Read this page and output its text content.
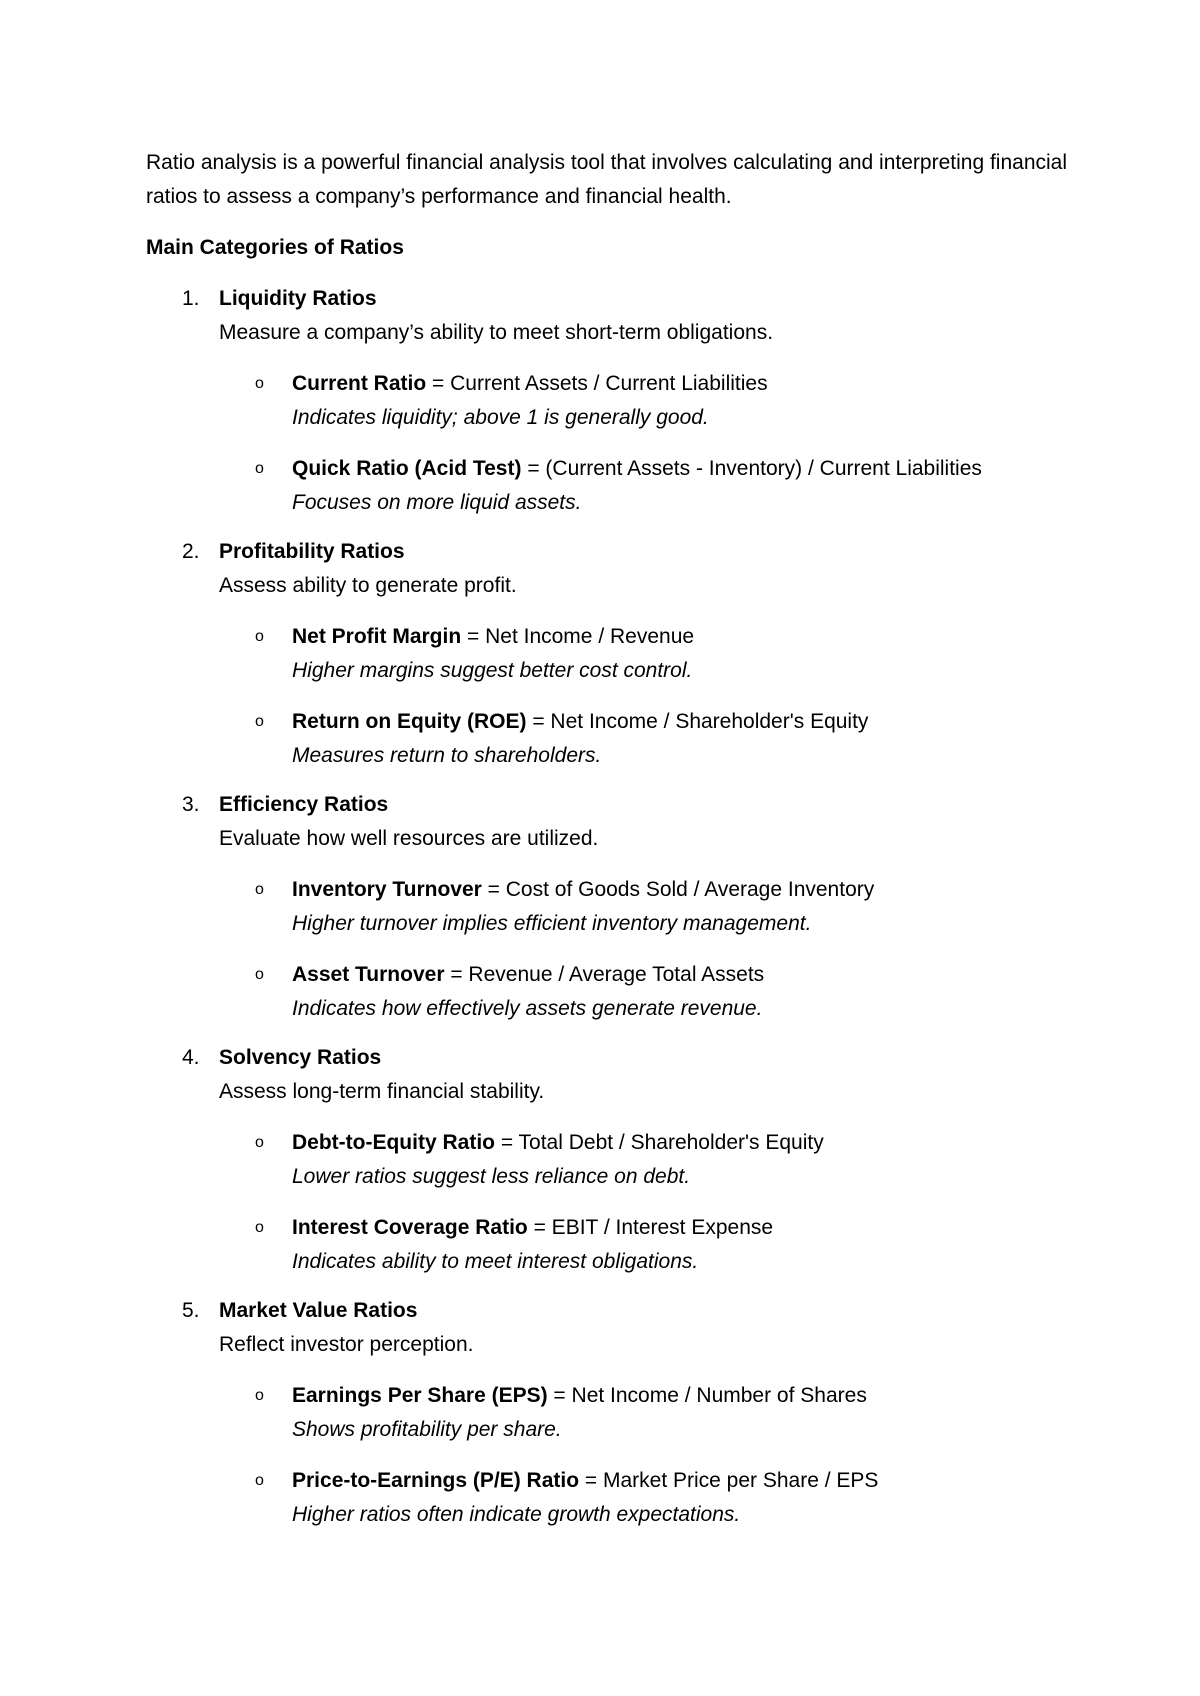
Ratio analysis is a powerful financial analysis tool that involves calculating and interpreting financial ratios to assess a company’s performance and financial health.

Main Categories of Ratios

1. Liquidity Ratios
Measure a company’s ability to meet short-term obligations.
o Current Ratio = Current Assets / Current Liabilities
Indicates liquidity; above 1 is generally good.
o Quick Ratio (Acid Test) = (Current Assets - Inventory) / Current Liabilities
Focuses on more liquid assets.
2. Profitability Ratios
Assess ability to generate profit.
o Net Profit Margin = Net Income / Revenue
Higher margins suggest better cost control.
o Return on Equity (ROE) = Net Income / Shareholder's Equity
Measures return to shareholders.
3. Efficiency Ratios
Evaluate how well resources are utilized.
o Inventory Turnover = Cost of Goods Sold / Average Inventory
Higher turnover implies efficient inventory management.
o Asset Turnover = Revenue / Average Total Assets
Indicates how effectively assets generate revenue.
4. Solvency Ratios
Assess long-term financial stability.
o Debt-to-Equity Ratio = Total Debt / Shareholder's Equity
Lower ratios suggest less reliance on debt.
o Interest Coverage Ratio = EBIT / Interest Expense
Indicates ability to meet interest obligations.
5. Market Value Ratios
Reflect investor perception.
o Earnings Per Share (EPS) = Net Income / Number of Shares
Shows profitability per share.
o Price-to-Earnings (P/E) Ratio = Market Price per Share / EPS
Higher ratios often indicate growth expectations.
